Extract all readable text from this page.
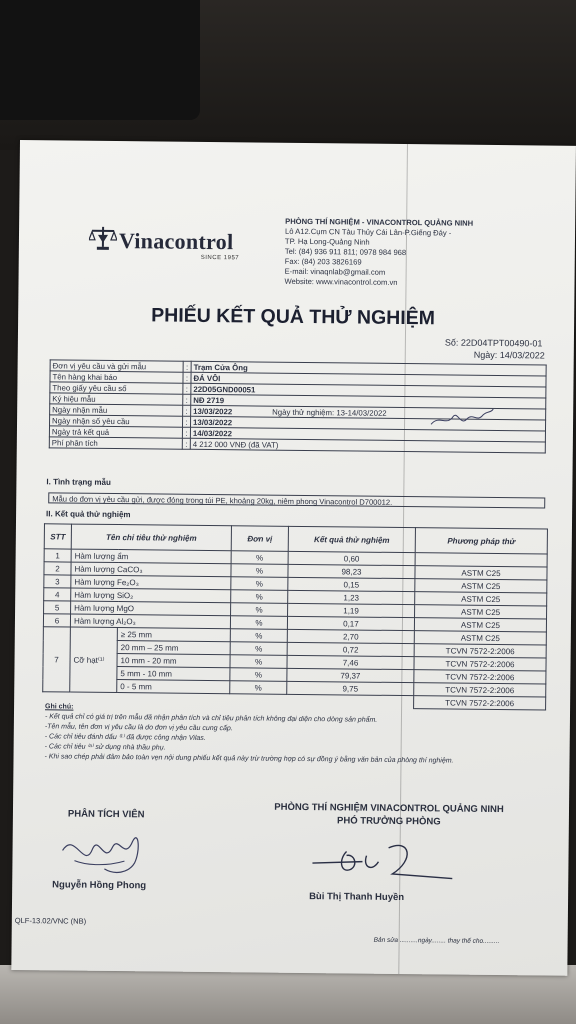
Vinacontrol
SINCE 1957
PHÒNG THÍ NGHIỆM - VINACONTROL QUẢNG NINH
Lô A12.Cụm CN Tàu Thủy Cái Lân-P.Giếng Đáy -
TP. Hạ Long-Quảng Ninh
Tel: (84) 936 911 811; 0978 984 968
Fax: (84) 203 3826169
E-mail: vinaqnlab@gmail.com
Website: www.vinacontrol.com.vn
PHIẾU KẾT QUẢ THỬ NGHIỆM
Số: 22D04TPT00490-01
Ngày: 14/03/2022
Đơn vị yêu cầu và gửi mẫu	:	Trạm Cửa Ông
Tên hàng khai báo	:	ĐÁ VÔI
Theo giấy yêu cầu số	:	22D05GND00051
Ký hiệu mẫu	:	NĐ 2719
Ngày nhận mẫu	:	13/03/2022 Ngày thử nghiệm: 13-14/03/2022
Ngày nhận số yêu cầu	:	13/03/2022
Ngày trả kết quả	:	14/03/2022
Phí phân tích	:	4 212 000 VNĐ (đã VAT)
I. Tình trạng mẫu
Mẫu do đơn vị yêu cầu gửi, được đóng trong túi PE, khoảng 20kg, niêm phong Vinacontrol D700012.
II. Kết quả thử nghiệm
STT	Tên chỉ tiêu thử nghiệm		Đơn vị	Kết quả thử nghiệm	Phương pháp thử
1	Hàm lượng ẩm		%	0,60	
2	Hàm lượng CaCO₃		%	98,23	ASTM C25
3	Hàm lượng Fe₂O₃		%	0,15	ASTM C25
4	Hàm lượng SiO₂		%	1,23	ASTM C25
5	Hàm lượng MgO		%	1,19	ASTM C25
6	Hàm lượng Al₂O₃		%	0,17	ASTM C25
7	Cỡ hạt⁽¹⁾	≥ 25 mm	%	2,70	ASTM C25
		20 mm – 25 mm	%	0,72	TCVN 7572-2:2006
		10 mm - 20 mm	%	7,46	TCVN 7572-2:2006
		5 mm - 10 mm	%	79,37	TCVN 7572-2:2006
		0 - 5 mm	%	9,75	TCVN 7572-2:2006
					TCVN 7572-2:2006
Ghi chú:
- Kết quả chỉ có giá trị trên mẫu đã nhận phân tích và chỉ tiêu phân tích không đại diện cho dòng sản phẩm.
-Tên mẫu, tên đơn vị yêu cầu là do đơn vị yêu cầu cung cấp.
- Các chỉ tiêu đánh dấu ⁽¹⁾ đã được công nhận Vilas.
- Các chỉ tiêu ⁽ᵃ⁾ sử dụng nhà thầu phụ.
- Khi sao chép phải đảm bảo toàn vẹn nội dung phiếu kết quả này trừ trường hợp có sự đồng ý bằng văn bản của phòng thí nghiệm.
PHÂN TÍCH VIÊN	PHÒNG THÍ NGHIỆM VINACONTROL QUẢNG NINH
PHÓ TRƯỞNG PHÒNG
Nguyễn Hồng Phong
Bùi Thị Thanh Huyền
QLF-13.02/VNC (NB)
Bản sửa ..........ngày........ thay thế cho.........
